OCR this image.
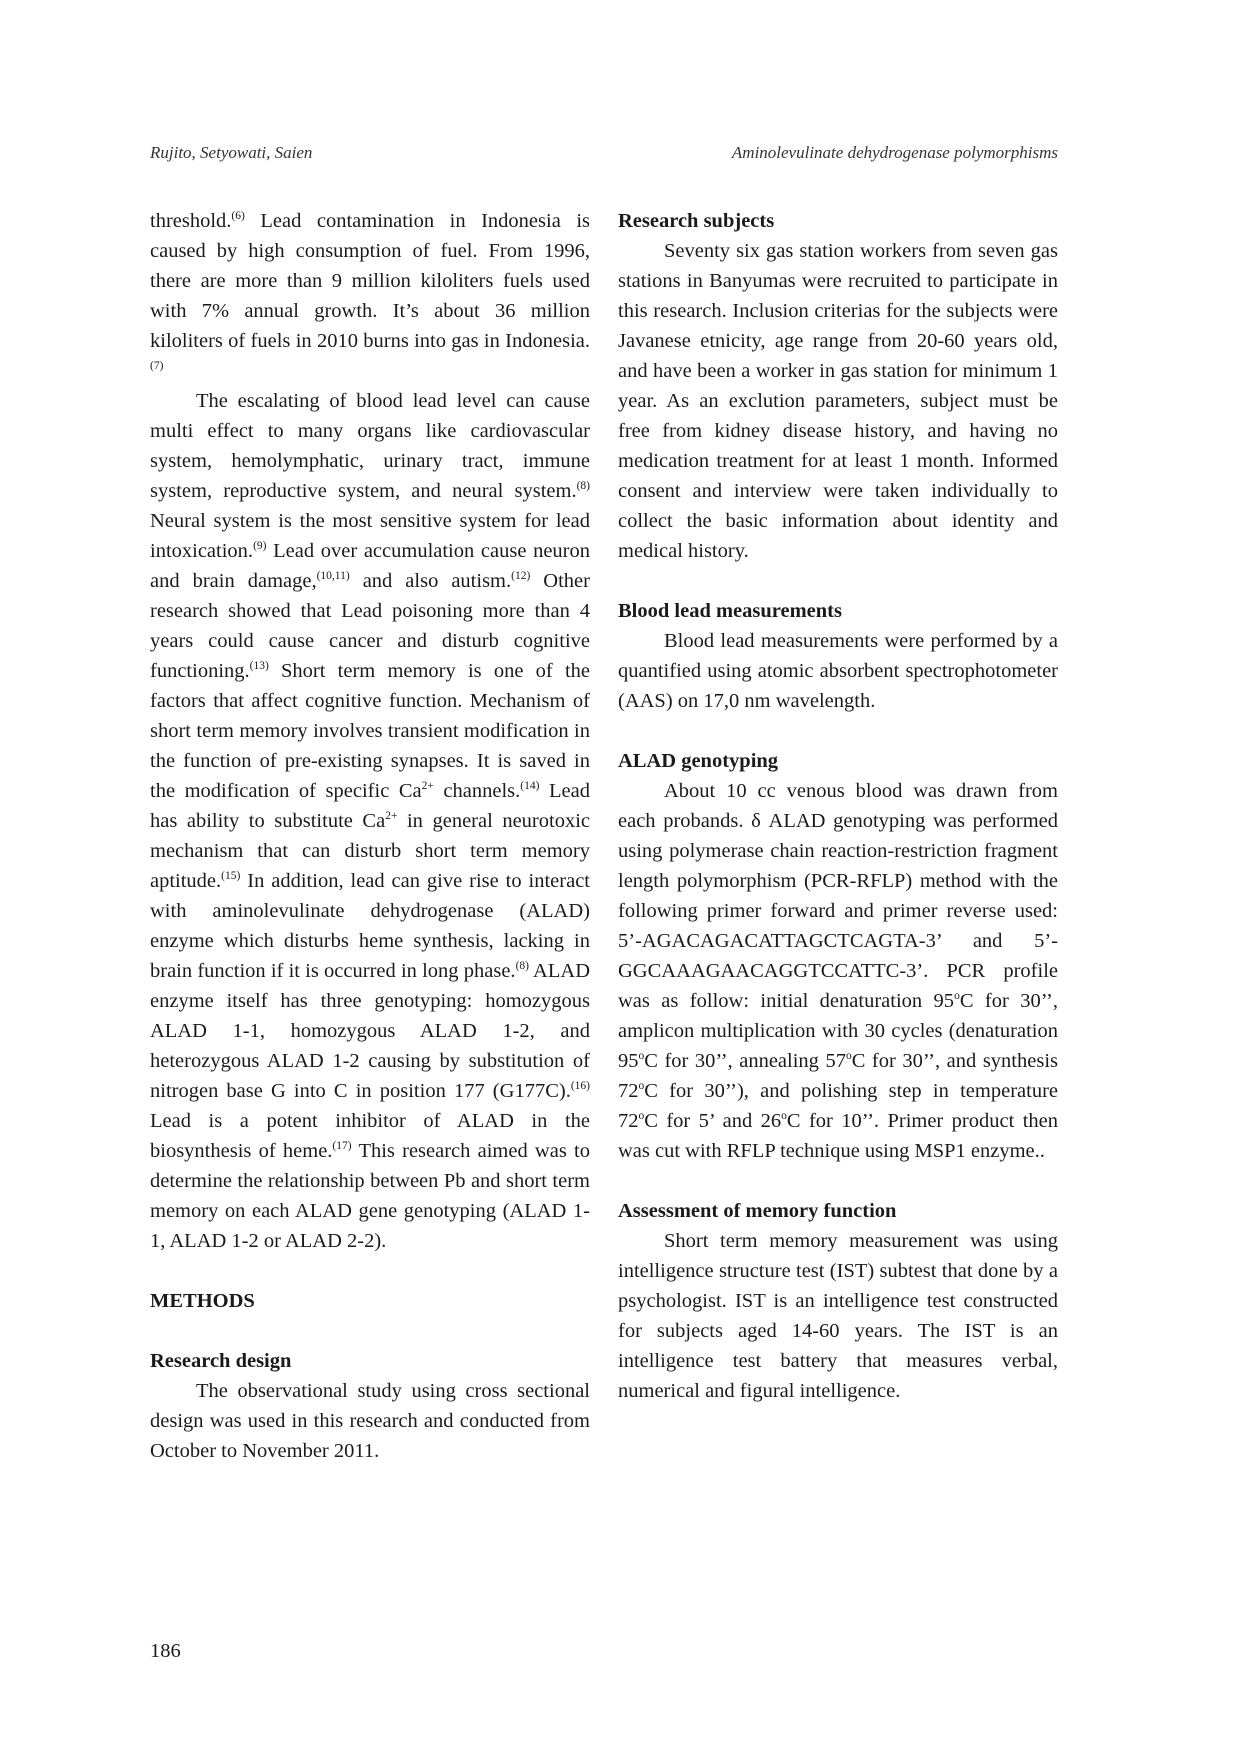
Rujito, Setyowati, Saien	Aminolevulinate dehydrogenase polymorphisms

threshold.$^{(6)}$ Lead contamination in Indonesia is caused by high consumption of fuel. From 1996, there are more than 9 million kiloliters fuels used with 7% annual growth. It’s about 36 million kiloliters of fuels in 2010 burns into gas in Indonesia.$^{(7)}$

The escalating of blood lead level can cause multi effect to many organs like cardiovascular system, hemolymphatic, urinary tract, immune system, reproductive system, and neural system.$^{(8)}$ Neural system is the most sensitive system for lead intoxication.$^{(9)}$ Lead over accumulation cause neuron and brain damage,$^{(10,11)}$ and also autism.$^{(12)}$ Other research showed that Lead poisoning more than 4 years could cause cancer and disturb cognitive functioning.$^{(13)}$ Short term memory is one of the factors that affect cognitive function. Mechanism of short term memory involves transient modification in the function of pre-existing synapses. It is saved in the modification of specific $Ca^{2+}$ channels.$^{(14)}$ Lead has ability to substitute $Ca^{2+}$ in general neurotoxic mechanism that can disturb short term memory aptitude.$^{(15)}$ In addition, lead can give rise to interact with aminolevulinate dehydrogenase (ALAD) enzyme which disturbs heme synthesis, lacking in brain function if it is occurred in long phase.$^{(8)}$ ALAD enzyme itself has three genotyping: homozygous ALAD 1-1, homozygous ALAD 1-2, and heterozygous ALAD 1-2 causing by substitution of nitrogen base G into C in position 177 (G177C).$^{(16)}$ Lead is a potent inhibitor of ALAD in the biosynthesis of heme.$^{(17)}$ This research aimed was to determine the relationship between Pb and short term memory on each ALAD gene genotyping (ALAD 1-1, ALAD 1-2 or ALAD 2-2).

METHODS
Research design

The observational study using cross sectional design was used in this research and conducted from October to November 2011.

Research subjects

Seventy six gas station workers from seven gas stations in Banyumas were recruited to participate in this research. Inclusion criterias for the subjects were Javanese etnicity, age range from 20-60 years old, and have been a worker in gas station for minimum 1 year. As an exclution parameters, subject must be free from kidney disease history, and having no medication treatment for at least 1 month. Informed consent and interview were taken individually to collect the basic information about identity and medical history.

Blood lead measurements

Blood lead measurements were performed by a quantified using atomic absorbent spectrophotometer (AAS) on 17,0 nm wavelength.

ALAD genotyping

About 10 cc venous blood was drawn from each probands. δ ALAD genotyping was performed using polymerase chain reaction-restriction fragment length polymorphism (PCR-RFLP) method with the following primer forward and primer reverse used: 5’-AGACAGACATTAGCTCAGTA-3’ and 5’-GGCAAAGAACAGGTCCATTC-3’. PCR profile was as follow: initial denaturation 95$^o$C for 30’’, amplicon multiplication with 30 cycles (denaturation 95$^o$C for 30’’, annealing 57$^o$C for 30’’, and synthesis 72$^o$C for 30’’), and polishing step in temperature 72$^o$C for 5’ and 26$^o$C for 10’’. Primer product then was cut with RFLP technique using MSP1 enzyme..

Assessment of memory function

Short term memory measurement was using intelligence structure test (IST) subtest that done by a psychologist. IST is an intelligence test constructed for subjects aged 14-60 years. The IST is an intelligence test battery that measures verbal, numerical and figural intelligence.

186
